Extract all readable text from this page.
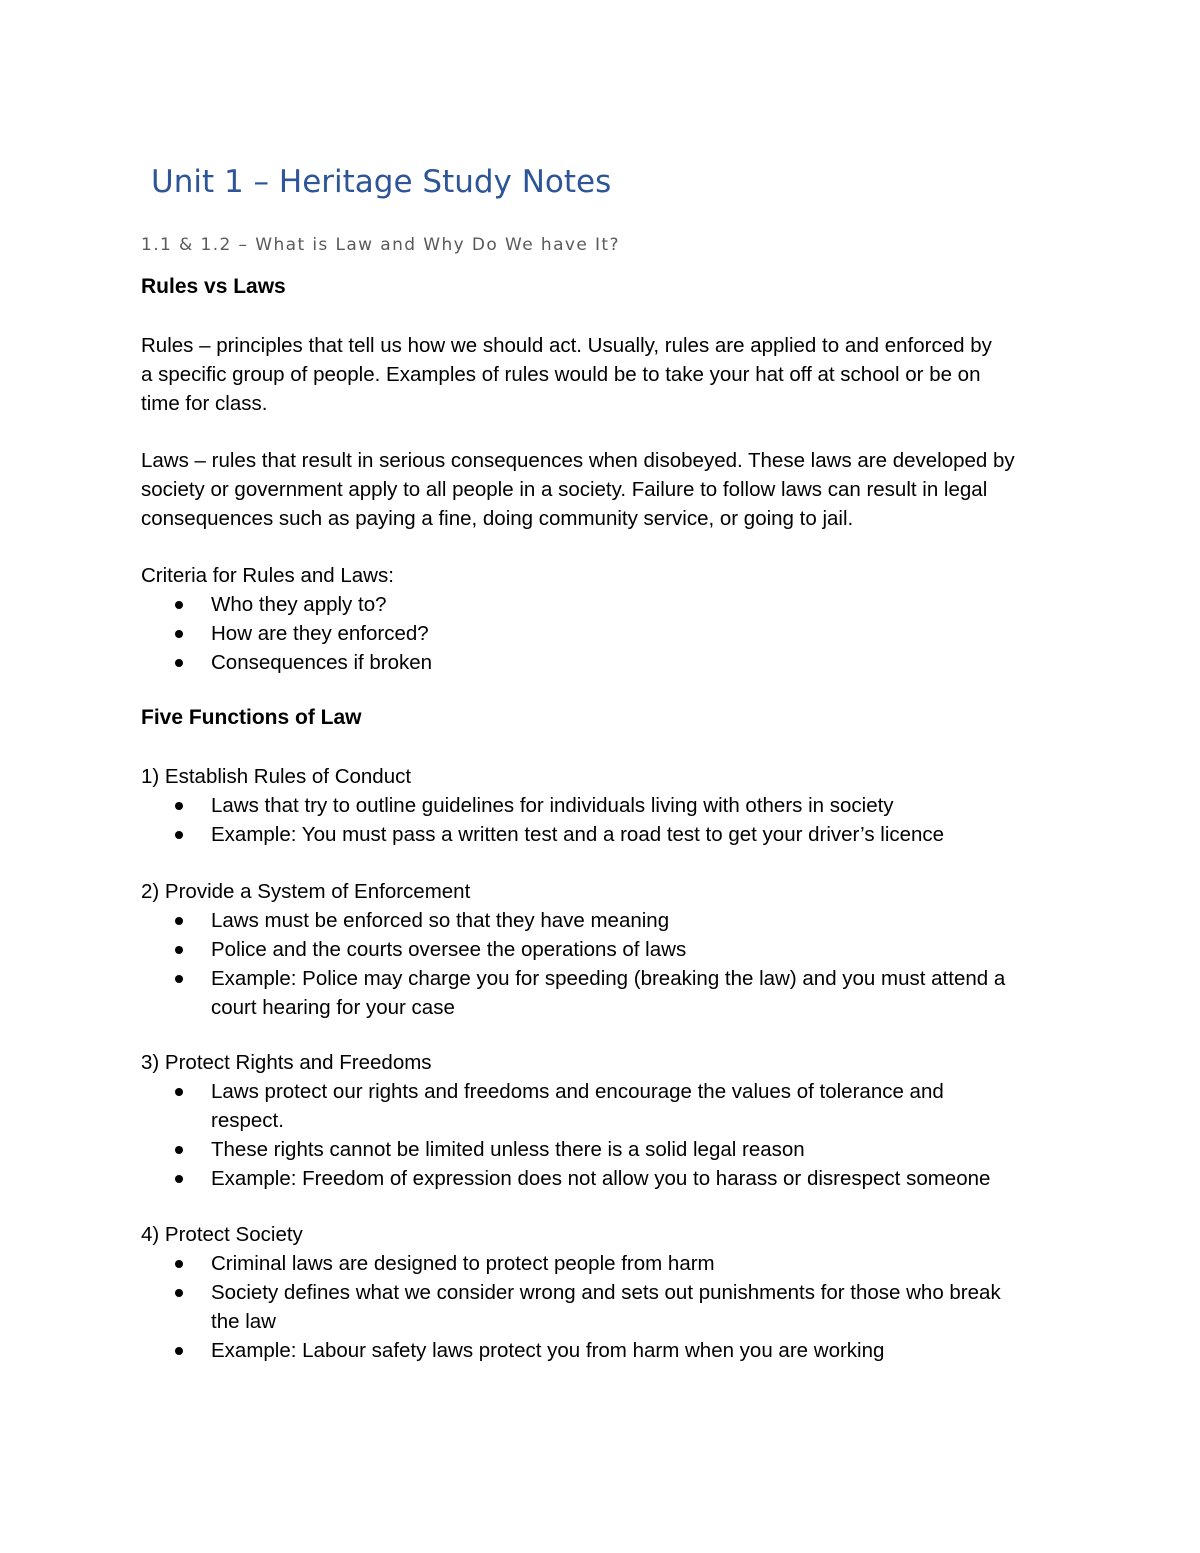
Unit 1 – Heritage Study Notes
1.1 & 1.2 – What is Law and Why Do We have It?
Rules vs Laws

Rules – principles that tell us how we should act. Usually, rules are applied to and enforced by
a specific group of people. Examples of rules would be to take your hat off at school or be on
time for class.

Laws – rules that result in serious consequences when disobeyed. These laws are developed by
society or government apply to all people in a society. Failure to follow laws can result in legal
consequences such as paying a fine, doing community service, or going to jail.

Criteria for Rules and Laws:

Who they apply to?
How are they enforced?
Consequences if broken
Five Functions of Law

1) Establish Rules of Conduct

Laws that try to outline guidelines for individuals living with others in society
Example: You must pass a written test and a road test to get your driver’s licence

2) Provide a System of Enforcement

Laws must be enforced so that they have meaning
Police and the courts oversee the operations of laws
Example: Police may charge you for speeding (breaking the law) and you must attend a
court hearing for your case

3) Protect Rights and Freedoms

Laws protect our rights and freedoms and encourage the values of tolerance and
respect.
These rights cannot be limited unless there is a solid legal reason
Example: Freedom of expression does not allow you to harass or disrespect someone

4) Protect Society

Criminal laws are designed to protect people from harm
Society defines what we consider wrong and sets out punishments for those who break
the law
Example: Labour safety laws protect you from harm when you are working
